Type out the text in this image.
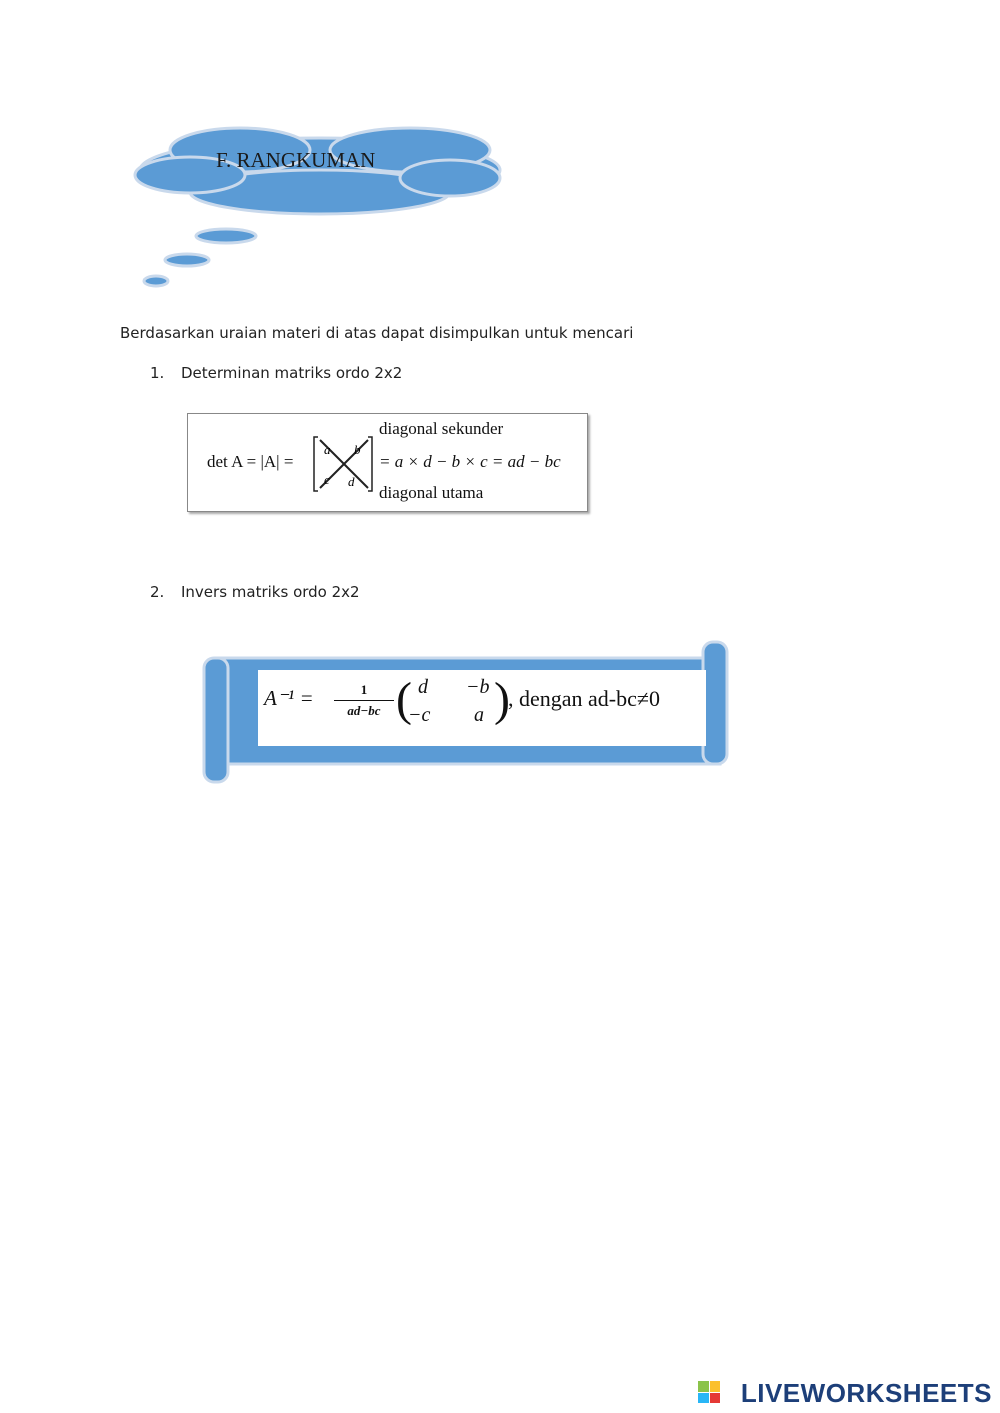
F. RANGKUMAN
Berdasarkan uraian materi di atas dapat disimpulkan untuk mencari
1. Determinan matriks ordo 2x2
det A = |A| =
a b
c d
diagonal sekunder
= a × d − b × c = ad − bc
diagonal utama
2. Invers matriks ordo 2x2
A⁻¹ =	1
ad−bc ( d −b
−c a )
, dengan ad-bc≠0
LIVEWORKSHEETS
